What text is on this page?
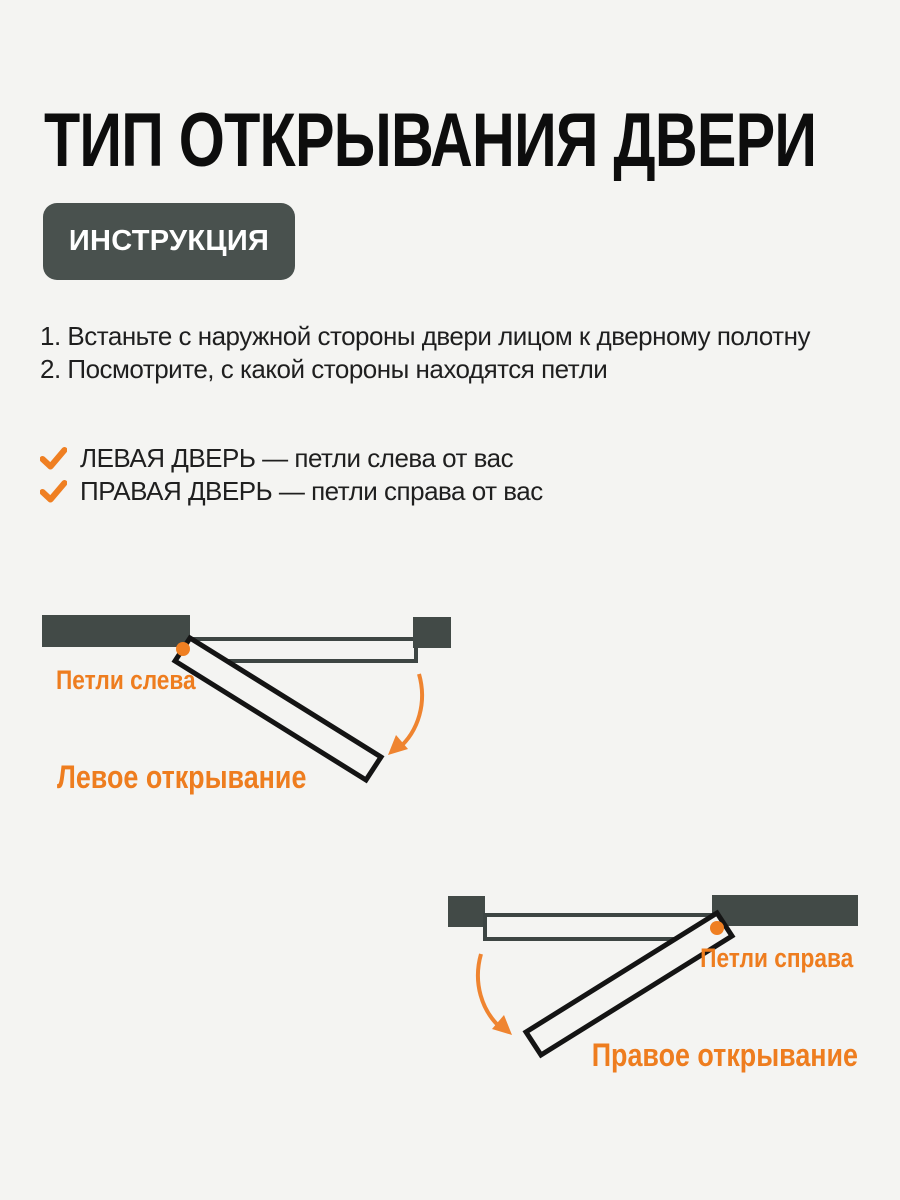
ТИП ОТКРЫВАНИЯ ДВЕРИ
ИНСТРУКЦИЯ
1. Встаньте с наружной стороны двери лицом к дверному полотну
2. Посмотрите, с какой стороны находятся петли
ЛЕВАЯ ДВЕРЬ — петли слева от вас
ПРАВАЯ ДВЕРЬ — петли справа от вас
Петли слева
Левое открывание
Петли справа
Правое открывание
